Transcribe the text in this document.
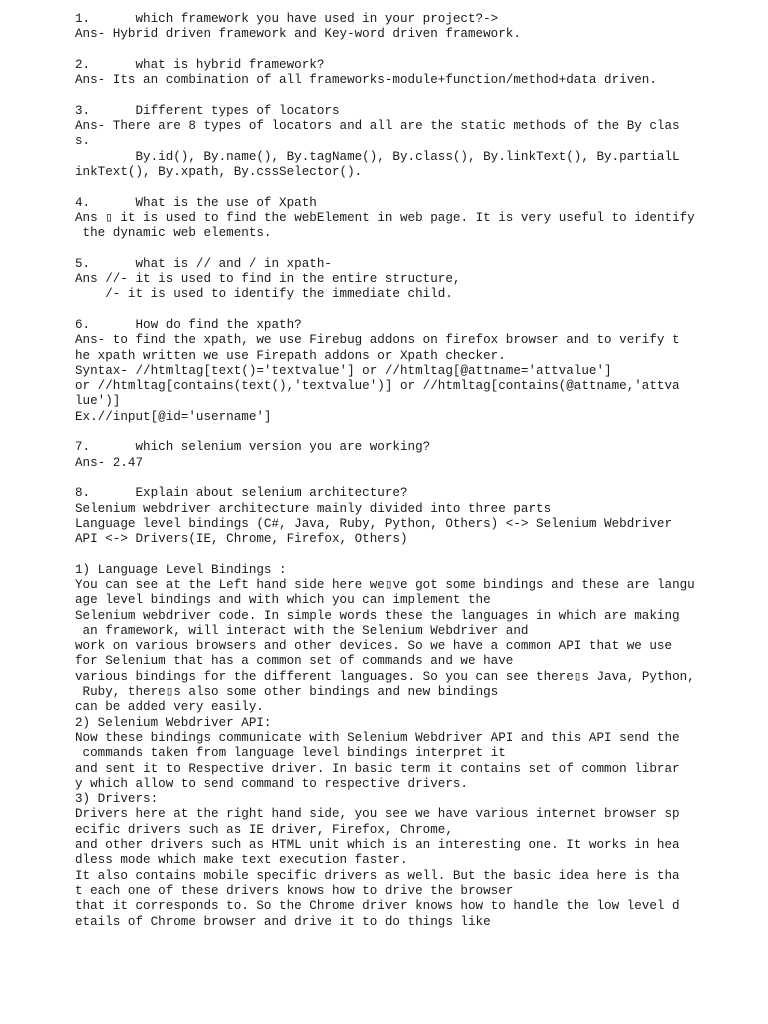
1.      which framework you have used in your project?->
Ans- Hybrid driven framework and Key-word driven framework.
2.      what is hybrid framework?
Ans- Its an combination of all frameworks-module+function/method+data driven.
3.      Different types of locators
Ans- There are 8 types of locators and all are the static methods of the By clas
s.
By.id(), By.name(), By.tagName(), By.class(), By.linkText(), By.partialL
inkText(), By.xpath, By.cssSelector().
4.      What is the use of Xpath
Ans ▯ it is used to find the webElement in web page. It is very useful to identify
the dynamic web elements.
5.      what is // and / in xpath-
Ans //- it is used to find in the entire structure,
/- it is used to identify the immediate child.
6.      How do find the xpath?
Ans- to find the xpath, we use Firebug addons on firefox browser and to verify t
he xpath written we use Firepath addons or Xpath checker.
Syntax- //htmltag[text()='textvalue'] or //htmltag[@attname='attvalue']
or //htmltag[contains(text(),'textvalue')] or //htmltag[contains(@attname,'attva
lue')]
Ex.//input[@id='username']
7.      which selenium version you are working?
Ans- 2.47
8.      Explain about selenium architecture?
Selenium webdriver architecture mainly divided into three parts
Language level bindings (C#, Java, Ruby, Python, Others) <-> Selenium Webdriver
API <-> Drivers(IE, Chrome, Firefox, Others)
1) Language Level Bindings :
You can see at the Left hand side here we▯ve got some bindings and these are langu
age level bindings and with which you can implement the
Selenium webdriver code. In simple words these the languages in which are making
an framework, will interact with the Selenium Webdriver and
work on various browsers and other devices. So we have a common API that we use
for Selenium that has a common set of commands and we have
various bindings for the different languages. So you can see there▯s Java, Python,
Ruby, there▯s also some other bindings and new bindings
can be added very easily.
2) Selenium Webdriver API:
Now these bindings communicate with Selenium Webdriver API and this API send the
commands taken from language level bindings interpret it
and sent it to Respective driver. In basic term it contains set of common librar
y which allow to send command to respective drivers.
3) Drivers:
Drivers here at the right hand side, you see we have various internet browser sp
ecific drivers such as IE driver, Firefox, Chrome,
and other drivers such as HTML unit which is an interesting one. It works in hea
dless mode which make text execution faster.
It also contains mobile specific drivers as well. But the basic idea here is tha
t each one of these drivers knows how to drive the browser
that it corresponds to. So the Chrome driver knows how to handle the low level d
etails of Chrome browser and drive it to do things like
